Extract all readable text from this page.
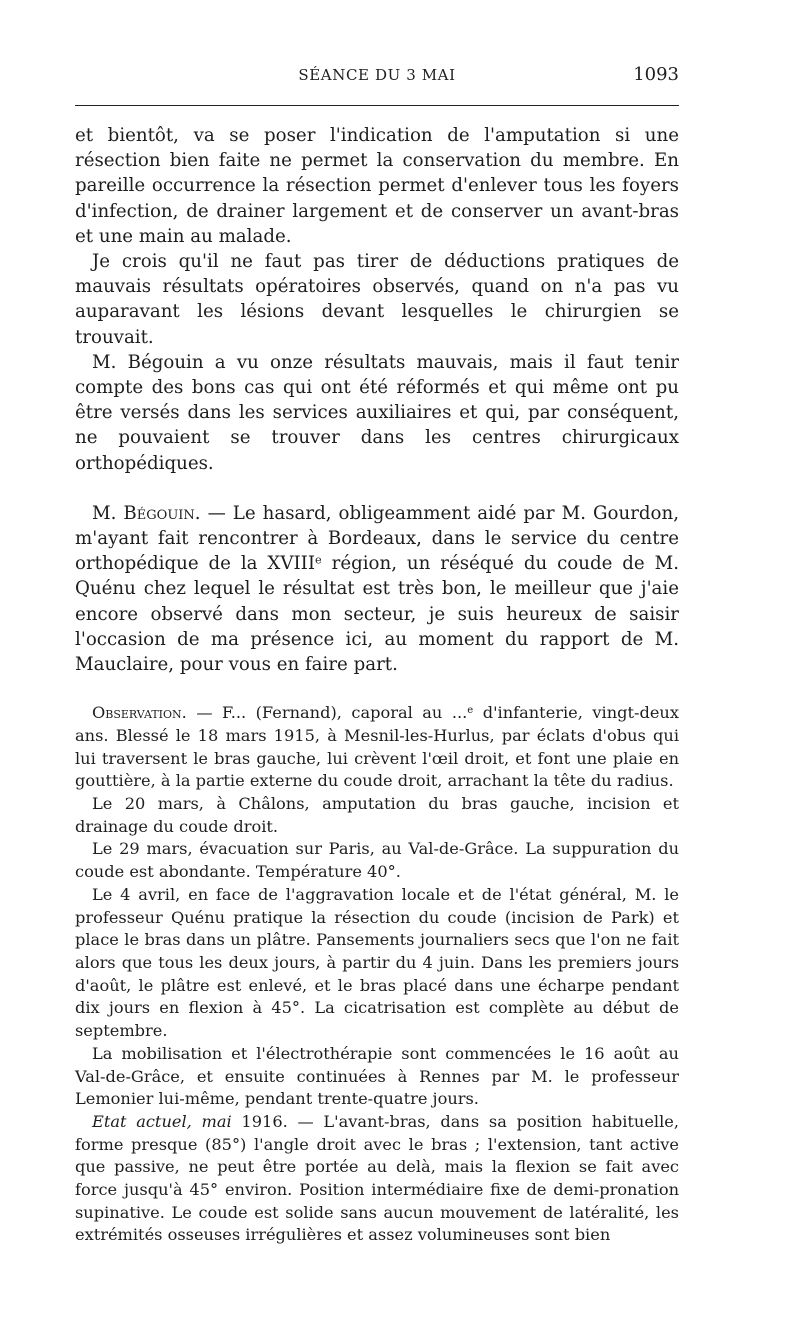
SÉANCE DU 3 MAI	1093

et bientôt, va se poser l'indication de l'amputation si une résection bien faite ne permet la conservation du membre. En pareille occurrence la résection permet d'enlever tous les foyers d'infection, de drainer largement et de conserver un avant-bras et une main au malade.

Je crois qu'il ne faut pas tirer de déductions pratiques de mauvais résultats opératoires observés, quand on n'a pas vu auparavant les lésions devant lesquelles le chirurgien se trouvait.

M. Bégouin a vu onze résultats mauvais, mais il faut tenir compte des bons cas qui ont été réformés et qui même ont pu être versés dans les services auxiliaires et qui, par conséquent, ne pouvaient se trouver dans les centres chirurgicaux orthopédiques.

M. Bégouin. — Le hasard, obligeamment aidé par M. Gourdon, m'ayant fait rencontrer à Bordeaux, dans le service du centre orthopédique de la XVIIIe région, un réséqué du coude de M. Quénu chez lequel le résultat est très bon, le meilleur que j'aie encore observé dans mon secteur, je suis heureux de saisir l'occasion de ma présence ici, au moment du rapport de M. Mauclaire, pour vous en faire part.

Observation. — F... (Fernand), caporal au ...$^e$ d'infanterie, vingt-deux ans. Blessé le 18 mars 1915, à Mesnil-les-Hurlus, par éclats d'obus qui lui traversent le bras gauche, lui crèvent l'œil droit, et font une plaie en gouttière, à la partie externe du coude droit, arrachant la tête du radius.

Le 20 mars, à Châlons, amputation du bras gauche, incision et drainage du coude droit.

Le 29 mars, évacuation sur Paris, au Val-de-Grâce. La suppuration du coude est abondante. Température 40°.

Le 4 avril, en face de l'aggravation locale et de l'état général, M. le professeur Quénu pratique la résection du coude (incision de Park) et place le bras dans un plâtre. Pansements journaliers secs que l'on ne fait alors que tous les deux jours, à partir du 4 juin. Dans les premiers jours d'août, le plâtre est enlevé, et le bras placé dans une écharpe pendant dix jours en flexion à 45°. La cicatrisation est complète au début de septembre.

La mobilisation et l'électrothérapie sont commencées le 16 août au Val-de-Grâce, et ensuite continuées à Rennes par M. le professeur Lemonier lui-même, pendant trente-quatre jours.

Etat actuel, mai 1916. — L'avant-bras, dans sa position habituelle, forme presque (85°) l'angle droit avec le bras ; l'extension, tant active que passive, ne peut être portée au delà, mais la flexion se fait avec force jusqu'à 45° environ. Position intermédiaire fixe de demi-pronation supinative. Le coude est solide sans aucun mouvement de latéralité, les extrémités osseuses irrégulières et assez volumineuses sont bien
